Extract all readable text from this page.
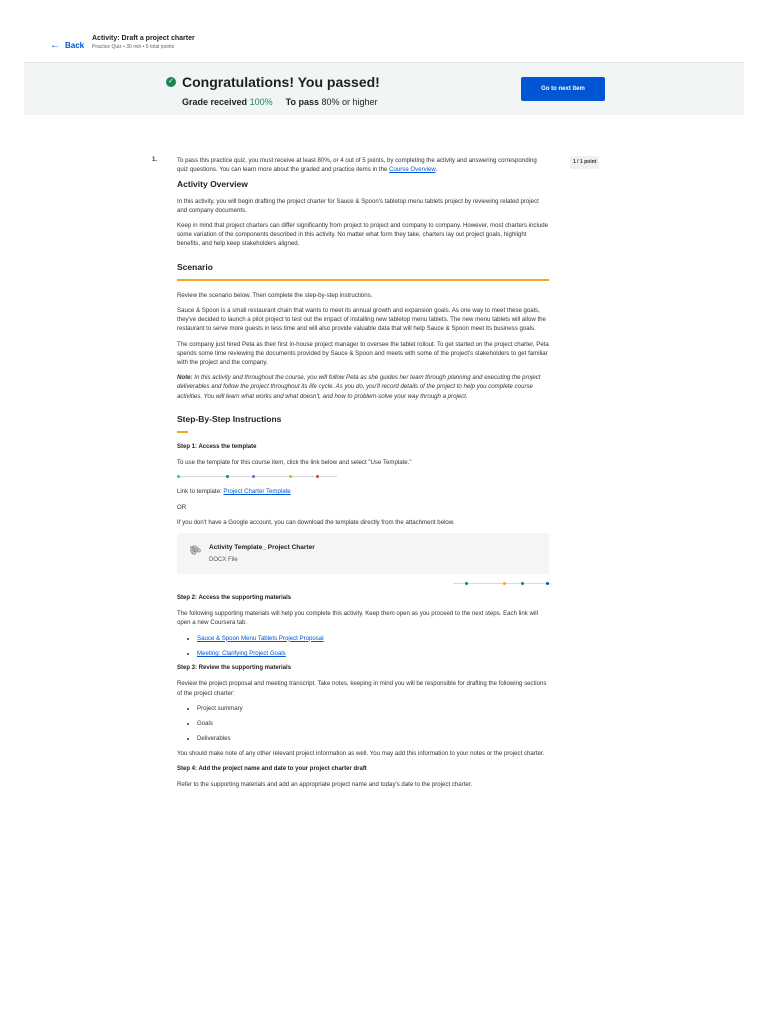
← Back
Activity: Draft a project charter
Practice Quiz • 30 min • 5 total points
✓ Congratulations! You passed!
Grade received 100% To pass 80% or higher
Go to next item
1.	1 / 1 point

To pass this practice quiz, you must receive at least 80%, or 4 out of 5 points, by completing the activity and answering corresponding quiz questions. You can learn more about the graded and practice items in the Course Overview.

Activity Overview

In this activity, you will begin drafting the project charter for Sauce & Spoon's tabletop menu tablets project by reviewing related project and company documents.

Keep in mind that project charters can differ significantly from project to project and company to company. However, most charters include some variation of the components described in this activity. No matter what form they take, charters lay out project goals, highlight benefits, and help keep stakeholders aligned.

Scenario

Review the scenario below. Then complete the step-by-step instructions.

Sauce & Spoon is a small restaurant chain that wants to meet its annual growth and expansion goals. As one way to meet these goals, they've decided to launch a pilot project to test out the impact of installing new tabletop menu tablets. The new menu tablets will allow the restaurant to serve more guests in less time and will also provide valuable data that will help Sauce & Spoon meet its business goals.

The company just hired Peta as their first in-house project manager to oversee the tablet rollout. To get started on the project charter, Peta spends some time reviewing the documents provided by Sauce & Spoon and meets with some of the project's stakeholders to get familiar with the project and the company.

Note: In this activity and throughout the course, you will follow Peta as she guides her team through planning and executing the project deliverables and follow the project throughout its life cycle. As you do, you'll record details of the project to help you complete course activities. You will learn what works and what doesn't, and how to problem-solve your way through a project.

Step-By-Step Instructions
Step 1: Access the template

To use the template for this course item, click the link below and select "Use Template."

Link to template: Project Charter Template

OR

If you don't have a Google account, you can download the template directly from the attachment below.

🖇 Activity Template_ Project Charter
DOCX File
Step 2: Access the supporting materials

The following supporting materials will help you complete this activity. Keep them open as you proceed to the next steps. Each link will open a new Coursera tab.

• Sauce & Spoon Menu Tablets Project Proposal
• Meeting: Clarifying Project Goals
Step 3: Review the supporting materials

Review the project proposal and meeting transcript. Take notes, keeping in mind you will be responsible for drafting the following sections of the project charter:

• Project summary
• Goals
• Deliverables

You should make note of any other relevant project information as well. You may add this information to your notes or the project charter.

Step 4: Add the project name and date to your project charter draft

Refer to the supporting materials and add an appropriate project name and today's date to the project charter.
